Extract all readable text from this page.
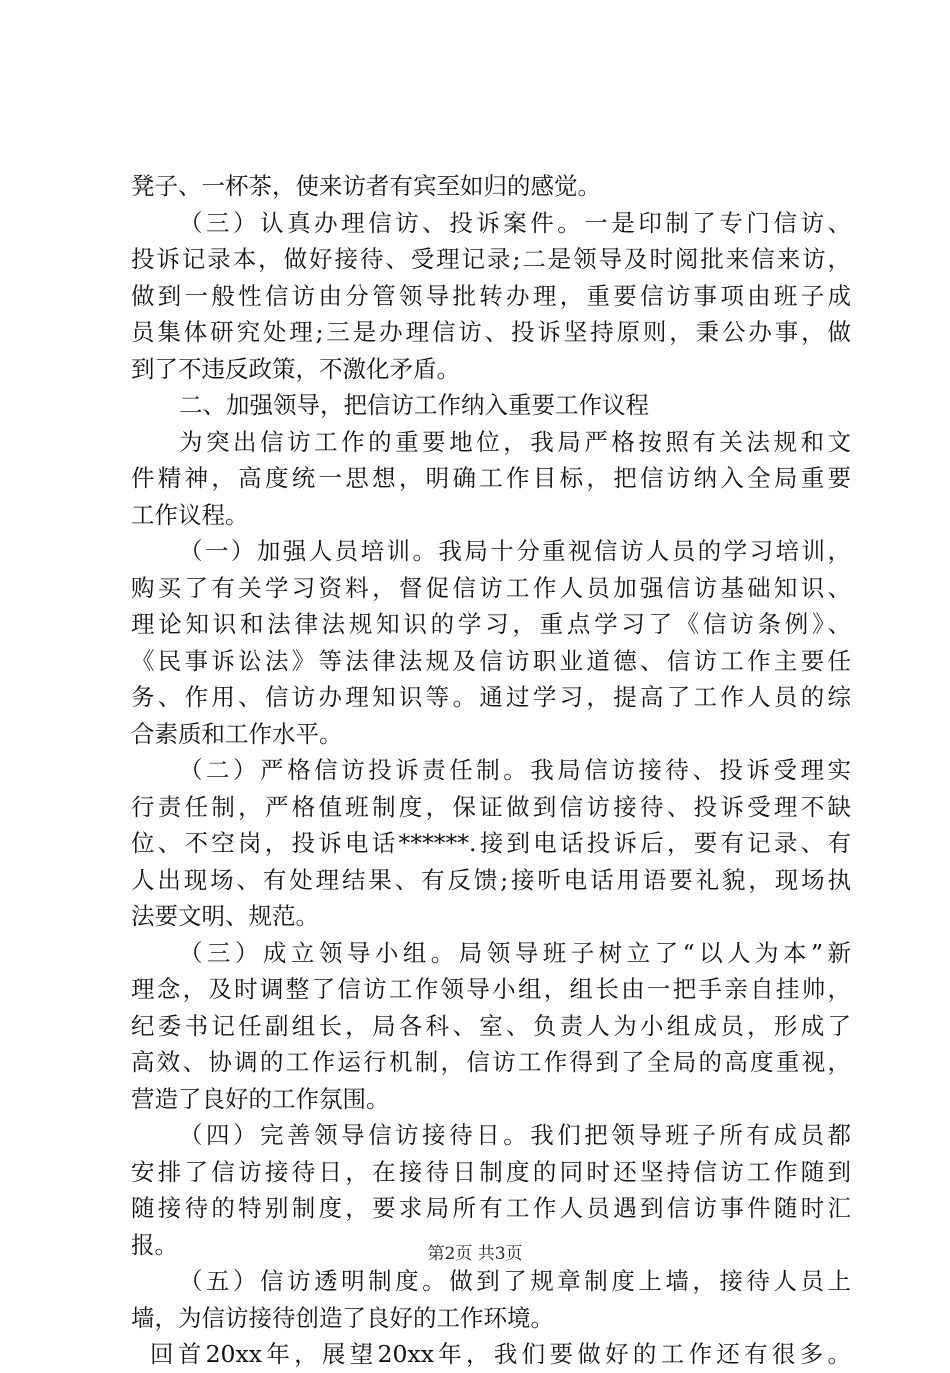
凳子、一杯茶，使来访者有宾至如归的感觉。
（三）认真办理信访、投诉案件。一是印制了专门信访、
投诉记录本，做好接待、受理记录;二是领导及时阅批来信来访，
做到一般性信访由分管领导批转办理，重要信访事项由班子成
员集体研究处理;三是办理信访、投诉坚持原则，秉公办事，做
到了不违反政策，不激化矛盾。
二、加强领导，把信访工作纳入重要工作议程
为突出信访工作的重要地位，我局严格按照有关法规和文
件精神，高度统一思想，明确工作目标，把信访纳入全局重要
工作议程。
（一）加强人员培训。我局十分重视信访人员的学习培训，
购买了有关学习资料，督促信访工作人员加强信访基础知识、
理论知识和法律法规知识的学习，重点学习了《信访条例》、
《民事诉讼法》等法律法规及信访职业道德、信访工作主要任
务、作用、信访办理知识等。通过学习，提高了工作人员的综
合素质和工作水平。
（二）严格信访投诉责任制。我局信访接待、投诉受理实
行责任制，严格值班制度，保证做到信访接待、投诉受理不缺
位、不空岗，投诉电话******.接到电话投诉后，要有记录、有
人出现场、有处理结果、有反馈;接听电话用语要礼貌，现场执
法要文明、规范。
（三）成立领导小组。局领导班子树立了“以人为本”新
理念，及时调整了信访工作领导小组，组长由一把手亲自挂帅，
纪委书记任副组长，局各科、室、负责人为小组成员，形成了
高效、协调的工作运行机制，信访工作得到了全局的高度重视，
营造了良好的工作氛围。
（四）完善领导信访接待日。我们把领导班子所有成员都
安排了信访接待日，在接待日制度的同时还坚持信访工作随到
随接待的特别制度，要求局所有工作人员遇到信访事件随时汇
报。
（五）信访透明制度。做到了规章制度上墙，接待人员上
墙，为信访接待创造了良好的工作环境。
回首20xx年，展望20xx年，我们要做好的工作还有很多。
第2页 共3页
